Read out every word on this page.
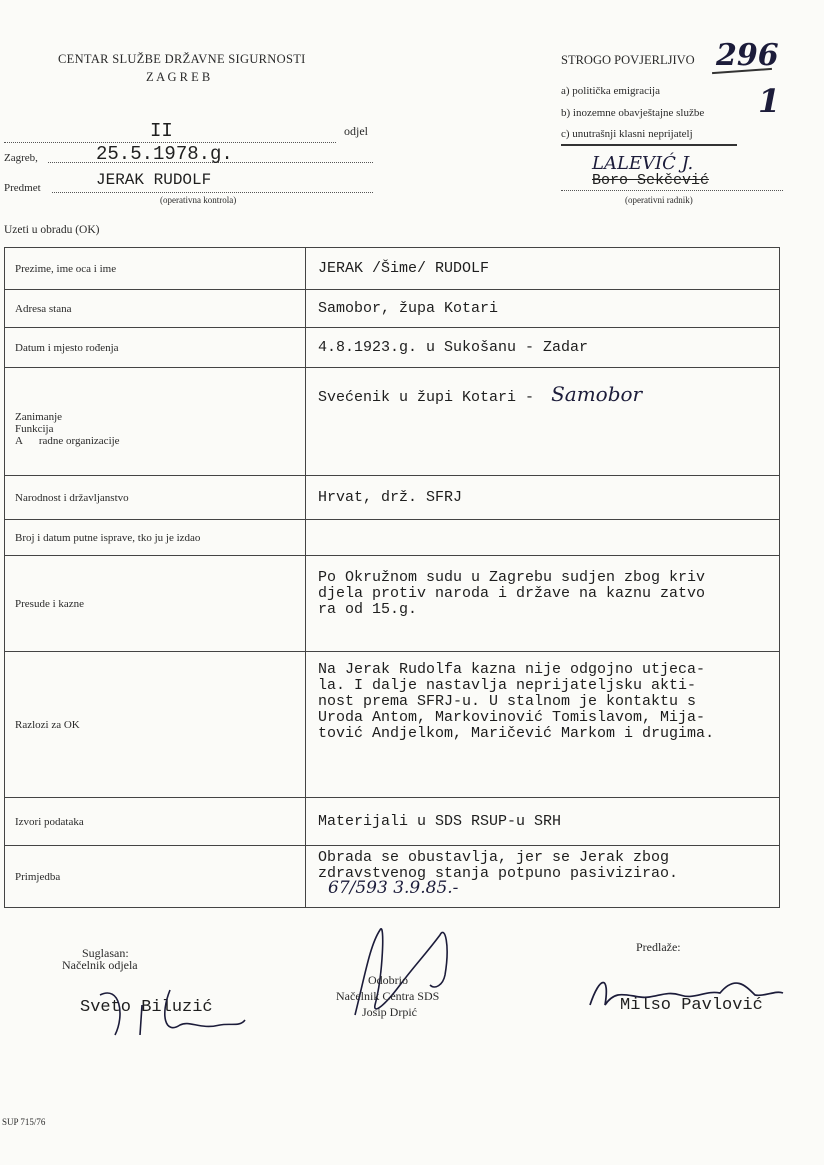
CENTAR SLUŽBE DRŽAVNE SIGURNOSTI
Z A G R E B
II	odjel
Zagreb,	25.5.1978.g.
Predmet	JERAK RUDOLF
(operativna kontrola)
Uzeti u obradu (OK)
STROGO POVJERLJIVO 296
a) politička emigracija
b) inozemne obavještajne službe
c) unutrašnji klasni neprijatelj
1
LALEVIĆ J.
Boro Sekčević
(operativni radnik)
Prezime, ime oca i ime	JERAK /Šime/ RUDOLF
Adresa stana	Samobor, župa Kotari
Datum i mjesto rođenja	4.8.1923.g. u Sukošanu - Zadar

Zanimanje
Funkcija
A      radne organizacije	Svećenik u župi Kotari - Samobor
Narodnost i državljanstvo	Hrvat, drž. SFRJ
Broj i datum putne isprave, tko ju je izdao	
Presude i kazne	Po Okružnom sudu u Zagrebu sudjen zbog kriv
djela protiv naroda i države na kaznu zatvo
ra od 15.g.

Razlozi za OK	Na Jerak Rudolfa kazna nije odgojno utjeca-
la. I dalje nastavlja neprijateljsku akti-
nost prema SFRJ-u. U stalnom je kontaktu s
Uroda Antom, Markovinović Tomislavom, Mija-
tović Andjelkom, Maričević Markom i drugima.

Izvori podataka	Materijali u SDS RSUP-u SRH
Primjedba	Obrada se obustavlja, jer se Jerak zbog
zdravstvenog stanja potpuno pasivizirao.
67/593 3.9.85.-
Suglasan:
Načelnik odjela
Sveto Biluzić
Odobrio
Načelnik Centra SDS
Josip Drpić
Predlaže:
Milso Pavlović
SUP 715/76
